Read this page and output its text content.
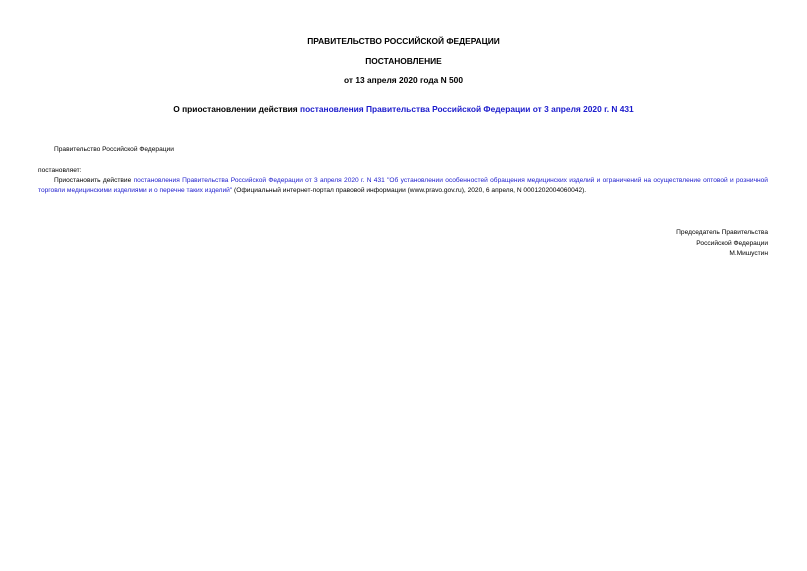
ПРАВИТЕЛЬСТВО РОССИЙСКОЙ ФЕДЕРАЦИИ
ПОСТАНОВЛЕНИЕ
от 13 апреля 2020 года N 500
О приостановлении действия постановления Правительства Российской Федерации от 3 апреля 2020 г. N 431
Правительство Российской Федерации
постановляет:
Приостановить действие постановления Правительства Российской Федерации от 3 апреля 2020 г. N 431 "Об установлении особенностей обращения медицинских изделий и ограничений на осуществление оптовой и розничной торговли медицинскими изделиями и о перечне таких изделий" (Официальный интернет-портал правовой информации (www.pravo.gov.ru), 2020, 6 апреля, N 0001202004060042).
Председатель Правительства
Российской Федерации
М.Мишустин
